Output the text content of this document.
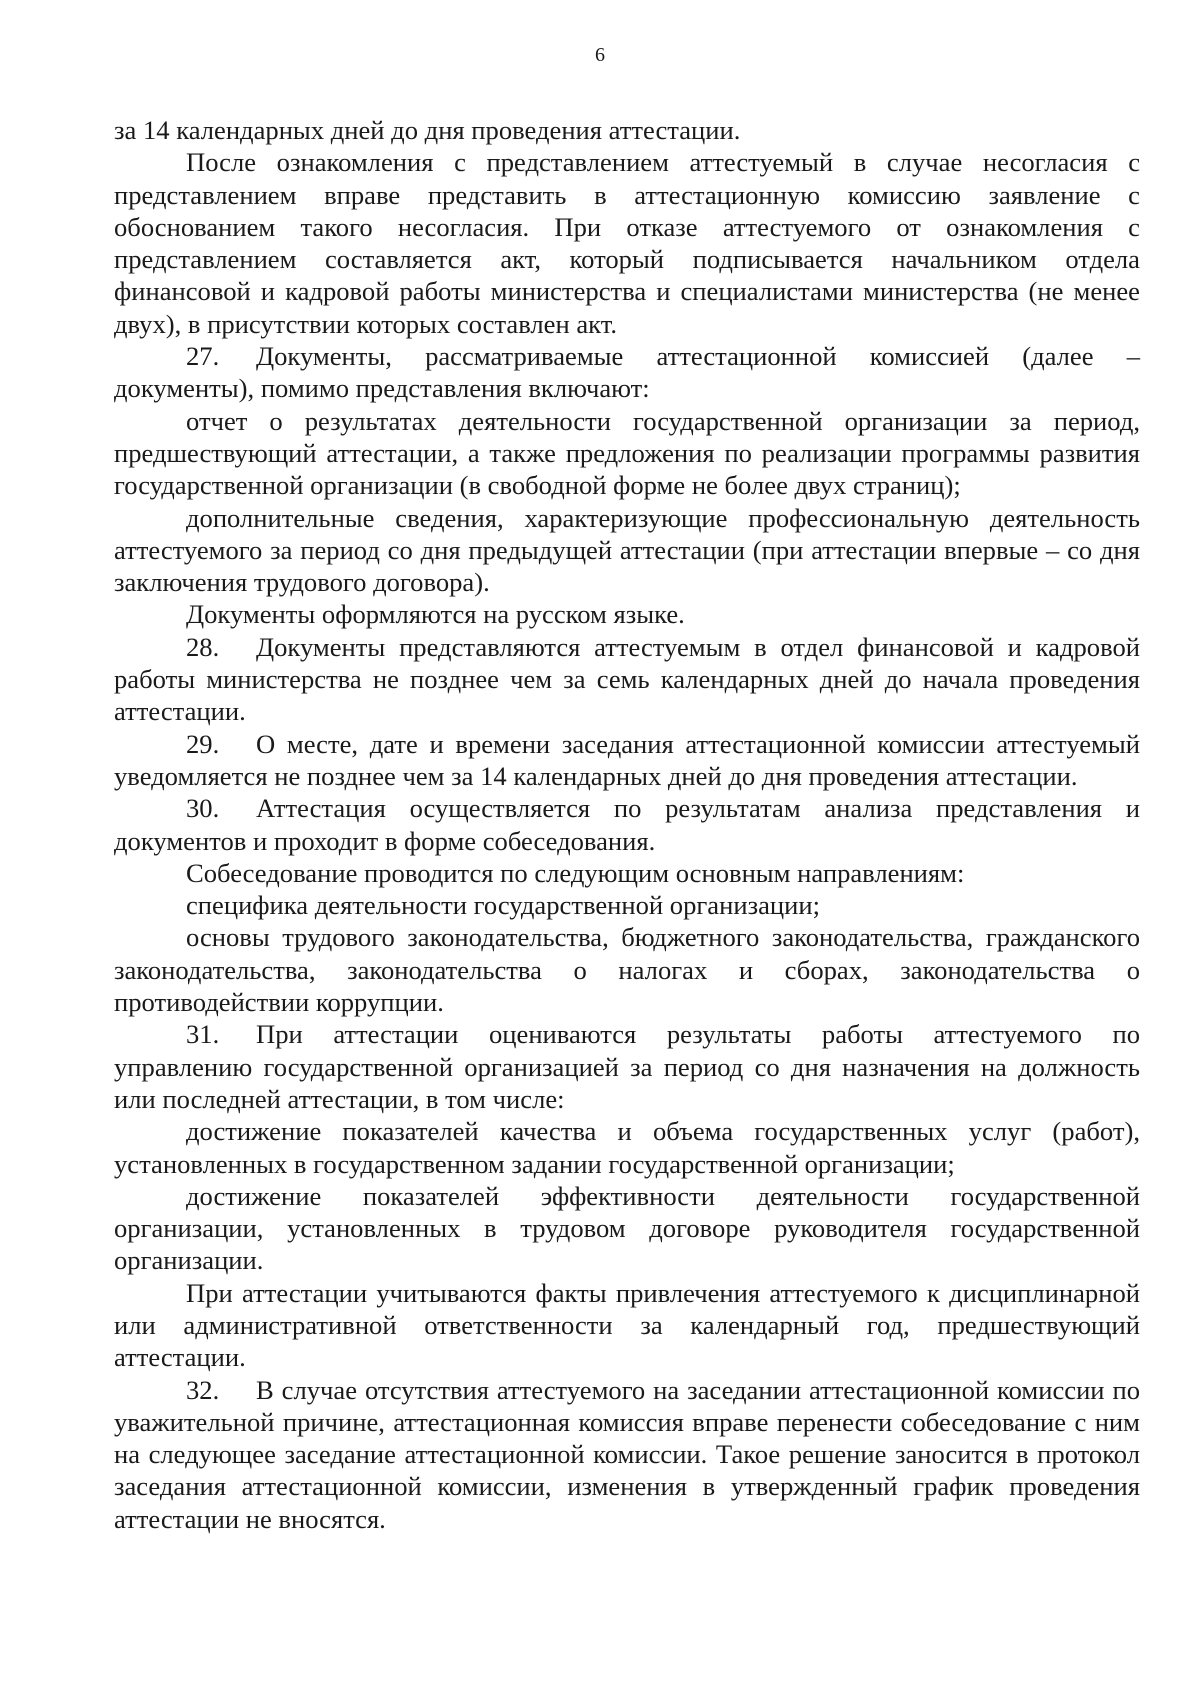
6

за 14 календарных дней до дня проведения аттестации.

После ознакомления с представлением аттестуемый в случае несогласия с представлением вправе представить в аттестационную комиссию заявление с обоснованием такого несогласия. При отказе аттестуемого от ознакомления с представлением составляется акт, который подписывается начальником отдела финансовой и кадровой работы министерства и специалистами министерства (не менее двух), в присутствии которых составлен акт.

27. Документы, рассматриваемые аттестационной комиссией (далее – документы), помимо представления включают:

отчет о результатах деятельности государственной организации за период, предшествующий аттестации, а также предложения по реализации программы развития государственной организации (в свободной форме не более двух страниц);

дополнительные сведения, характеризующие профессиональную деятельность аттестуемого за период со дня предыдущей аттестации (при аттестации впервые – со дня заключения трудового договора).

Документы оформляются на русском языке.

28. Документы представляются аттестуемым в отдел финансовой и кадровой работы министерства не позднее чем за семь календарных дней до начала проведения аттестации.

29. О месте, дате и времени заседания аттестационной комиссии аттестуемый уведомляется не позднее чем за 14 календарных дней до дня проведения аттестации.

30. Аттестация осуществляется по результатам анализа представления и документов и проходит в форме собеседования.

Собеседование проводится по следующим основным направлениям:

специфика деятельности государственной организации;

основы трудового законодательства, бюджетного законодательства, гражданского законодательства, законодательства о налогах и сборах, законодательства о противодействии коррупции.

31. При аттестации оцениваются результаты работы аттестуемого по управлению государственной организацией за период со дня назначения на должность или последней аттестации, в том числе:

достижение показателей качества и объема государственных услуг (работ), установленных в государственном задании государственной организации;

достижение показателей эффективности деятельности государственной организации, установленных в трудовом договоре руководителя государственной организации.

При аттестации учитываются факты привлечения аттестуемого к дисциплинарной или административной ответственности за календарный год, предшествующий аттестации.

32. В случае отсутствия аттестуемого на заседании аттестационной комиссии по уважительной причине, аттестационная комиссия вправе перенести собеседование с ним на следующее заседание аттестационной комиссии. Такое решение заносится в протокол заседания аттестационной комиссии, изменения в утвержденный график проведения аттестации не вносятся.
